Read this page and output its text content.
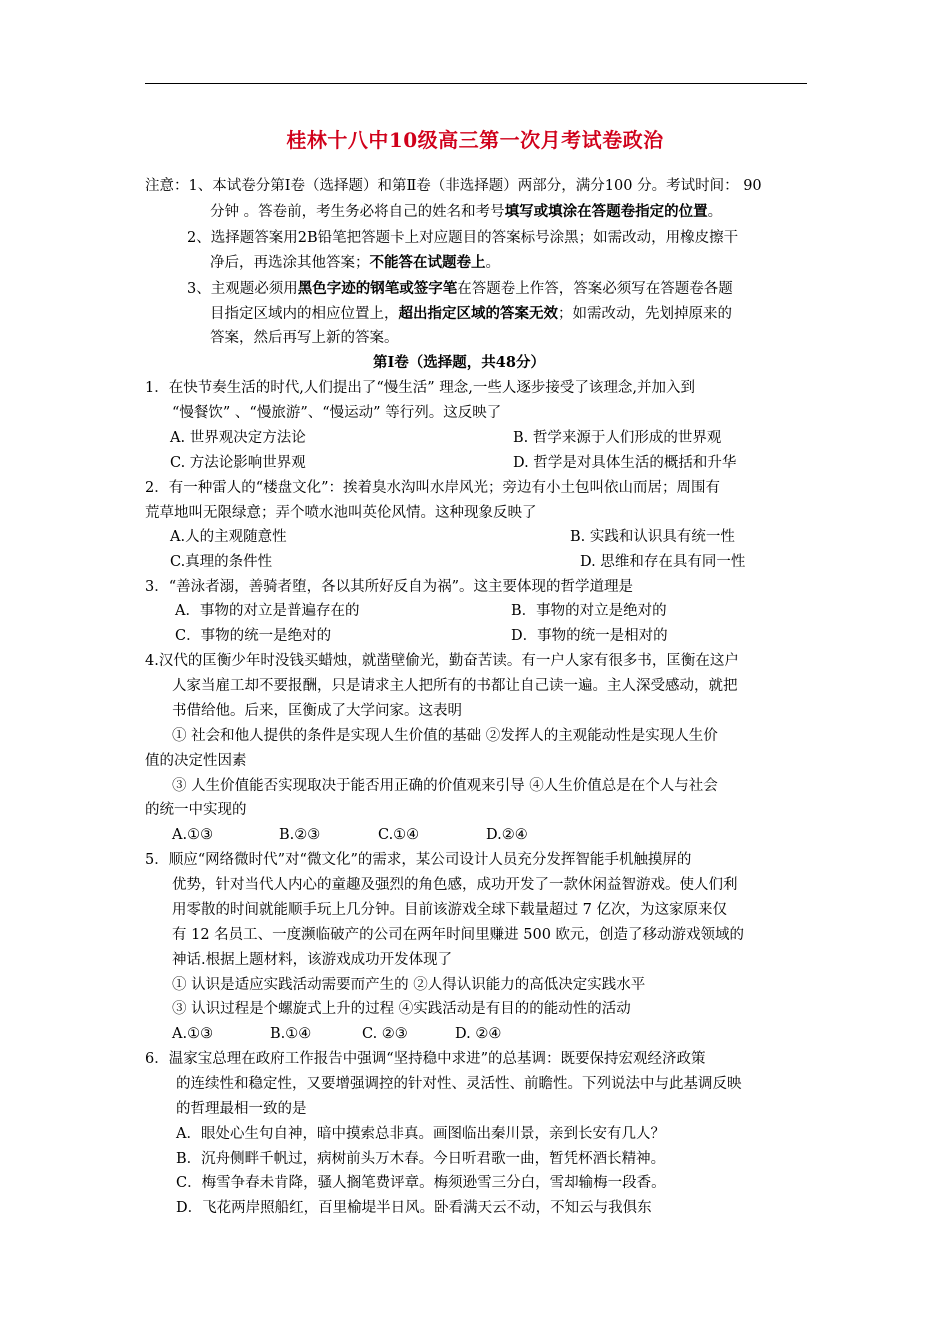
桂林十八中10级高三第一次月考试卷政治
注意：1、本试卷分第Ⅰ卷（选择题）和第Ⅱ卷（非选择题）两部分，满分100 分。考试时间： 90
分钟 。答卷前，考生务必将自己的姓名和考号填写或填涂在答题卷指定的位置。
2、选择题答案用2B铅笔把答题卡上对应题目的答案标号涂黑；如需改动，用橡皮擦干
净后，再选涂其他答案；不能答在试题卷上。
3、主观题必须用黑色字迹的钢笔或签字笔在答题卷上作答，答案必须写在答题卷各题
目指定区域内的相应位置上，超出指定区域的答案无效；如需改动，先划掉原来的
答案，然后再写上新的答案。
第Ⅰ卷（选择题，共48分）
1．在快节奏生活的时代,人们提出了“慢生活” 理念,一些人逐步接受了该理念,并加入到
“慢餐饮” 、“慢旅游”、“慢运动” 等行列。这反映了
A. 世界观决定方法论	B. 哲学来源于人们形成的世界观
C. 方法论影响世界观	D. 哲学是对具体生活的概括和升华
2．有一种雷人的“楼盘文化”：挨着臭水沟叫水岸风光；旁边有小土包叫依山而居；周围有
荒草地叫无限绿意；弄个喷水池叫英伦风情。这种现象反映了
A.人的主观随意性	B. 实践和认识具有统一性
C.真理的条件性	D. 思维和存在具有同一性
3．“善泳者溺，善骑者堕，各以其所好反自为祸”。这主要体现的哲学道理是
A．事物的对立是普遍存在的	B．事物的对立是绝对的
C．事物的统一是绝对的	D．事物的统一是相对的
4.汉代的匡衡少年时没钱买蜡烛，就凿壁偷光，勤奋苦读。有一户人家有很多书，匡衡在这户
人家当雇工却不要报酬，只是请求主人把所有的书都让自己读一遍。主人深受感动，就把
书借给他。后来，匡衡成了大学问家。这表明
① 社会和他人提供的条件是实现人生价值的基础 ②发挥人的主观能动性是实现人生价
值的决定性因素
③ 人生价值能否实现取决于能否用正确的价值观来引导 ④人生价值总是在个人与社会
的统一中实现的
A.①③	B.②③	C.①④	D.②④
5．顺应“网络微时代”对“微文化”的需求，某公司设计人员充分发挥智能手机触摸屏的
优势，针对当代人内心的童趣及强烈的角色感，成功开发了一款休闲益智游戏。使人们利
用零散的时间就能顺手玩上几分钟。目前该游戏全球下载量超过 7 亿次，为这家原来仅
有 12 名员工、一度濒临破产的公司在两年时间里赚进 500 欧元，创造了移动游戏领域的
神话.根据上题材料，该游戏成功开发体现了
① 认识是适应实践活动需要而产生的 ②人得认识能力的高低决定实践水平
③ 认识过程是个螺旋式上升的过程 ④实践活动是有目的的能动性的活动
A.①③	B.①④	C. ②③	D. ②④
6．温家宝总理在政府工作报告中强调“坚持稳中求进”的总基调：既要保持宏观经济政策
的连续性和稳定性，又要增强调控的针对性、灵活性、前瞻性。下列说法中与此基调反映
的哲理最相一致的是
A．眼处心生句自神，暗中摸索总非真。画图临出秦川景，亲到长安有几人？
B．沉舟侧畔千帆过，病树前头万木春。今日听君歌一曲，暂凭杯酒长精神。
C．梅雪争春未肯降，骚人搁笔费评章。梅须逊雪三分白，雪却输梅一段香。
D．飞花两岸照船红，百里榆堤半日风。卧看满天云不动，不知云与我俱东
